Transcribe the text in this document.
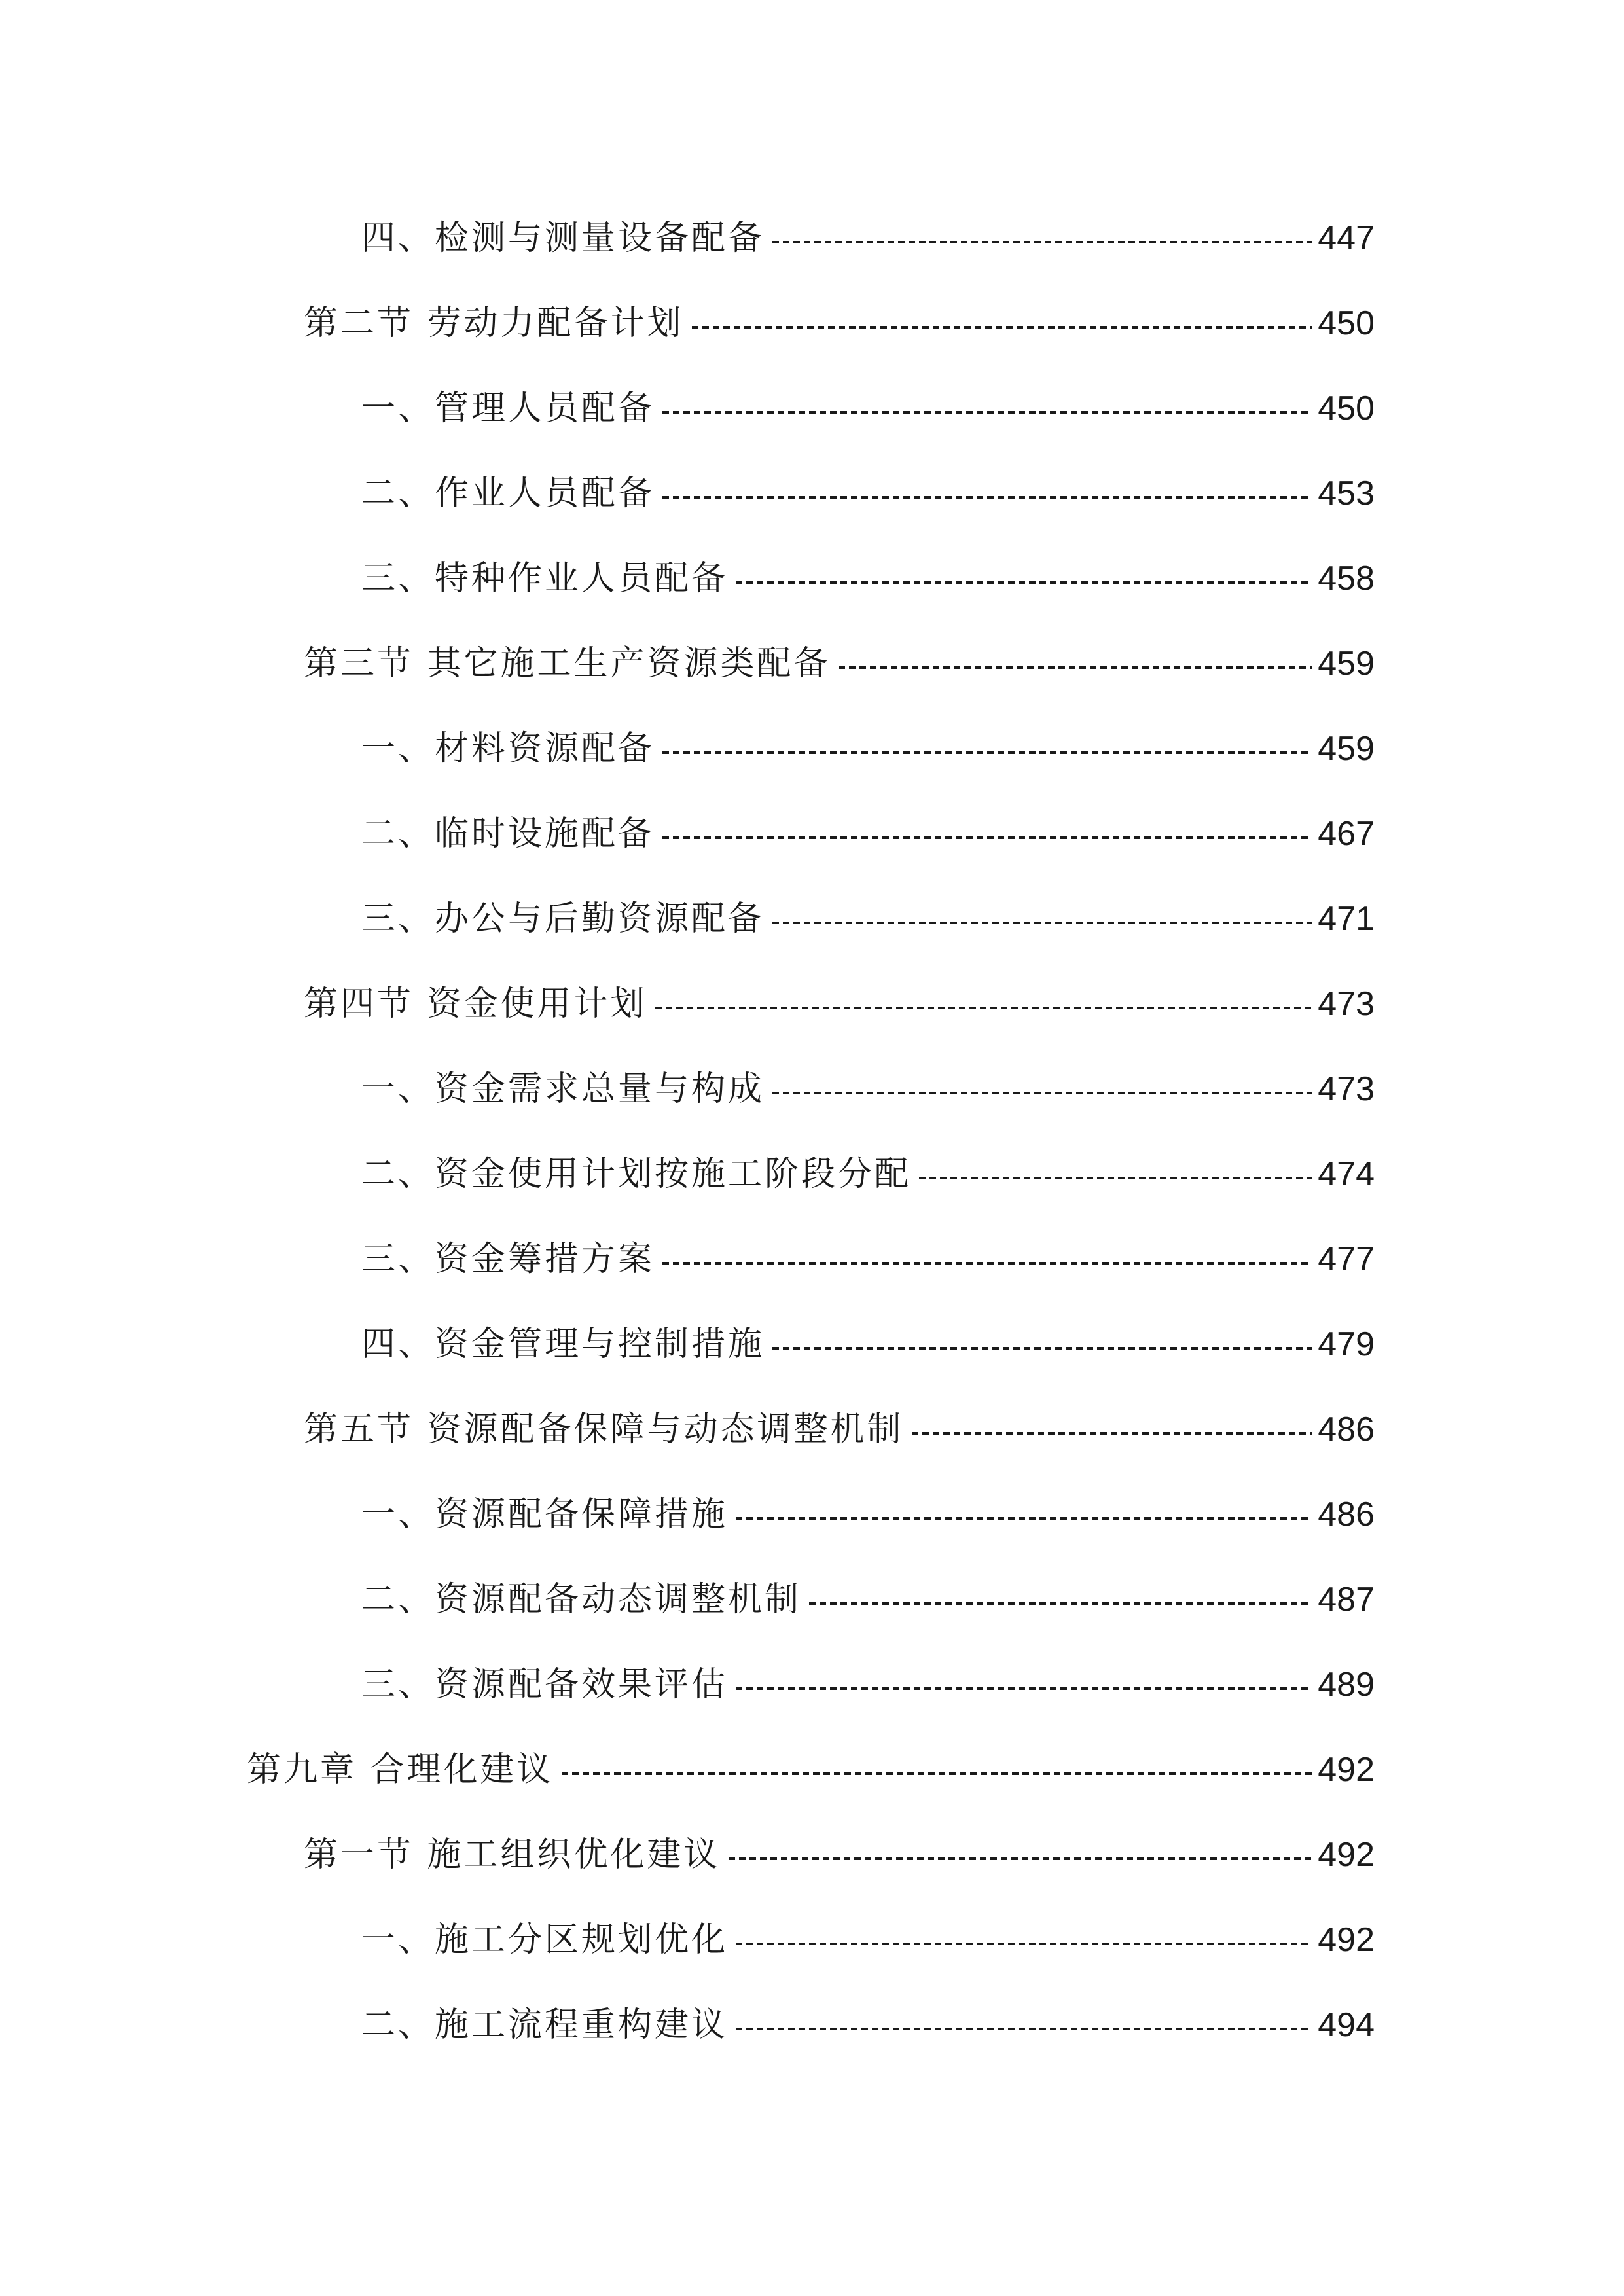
四、检测与测量设备配备	447
第二节 劳动力配备计划	450
一、管理人员配备	450
二、作业人员配备	453
三、特种作业人员配备	458
第三节 其它施工生产资源类配备	459
一、材料资源配备	459
二、临时设施配备	467
三、办公与后勤资源配备	471
第四节 资金使用计划	473
一、资金需求总量与构成	473
二、资金使用计划按施工阶段分配	474
三、资金筹措方案	477
四、资金管理与控制措施	479
第五节 资源配备保障与动态调整机制	486
一、资源配备保障措施	486
二、资源配备动态调整机制	487
三、资源配备效果评估	489
第九章 合理化建议	492
第一节 施工组织优化建议	492
一、施工分区规划优化	492
二、施工流程重构建议	494
